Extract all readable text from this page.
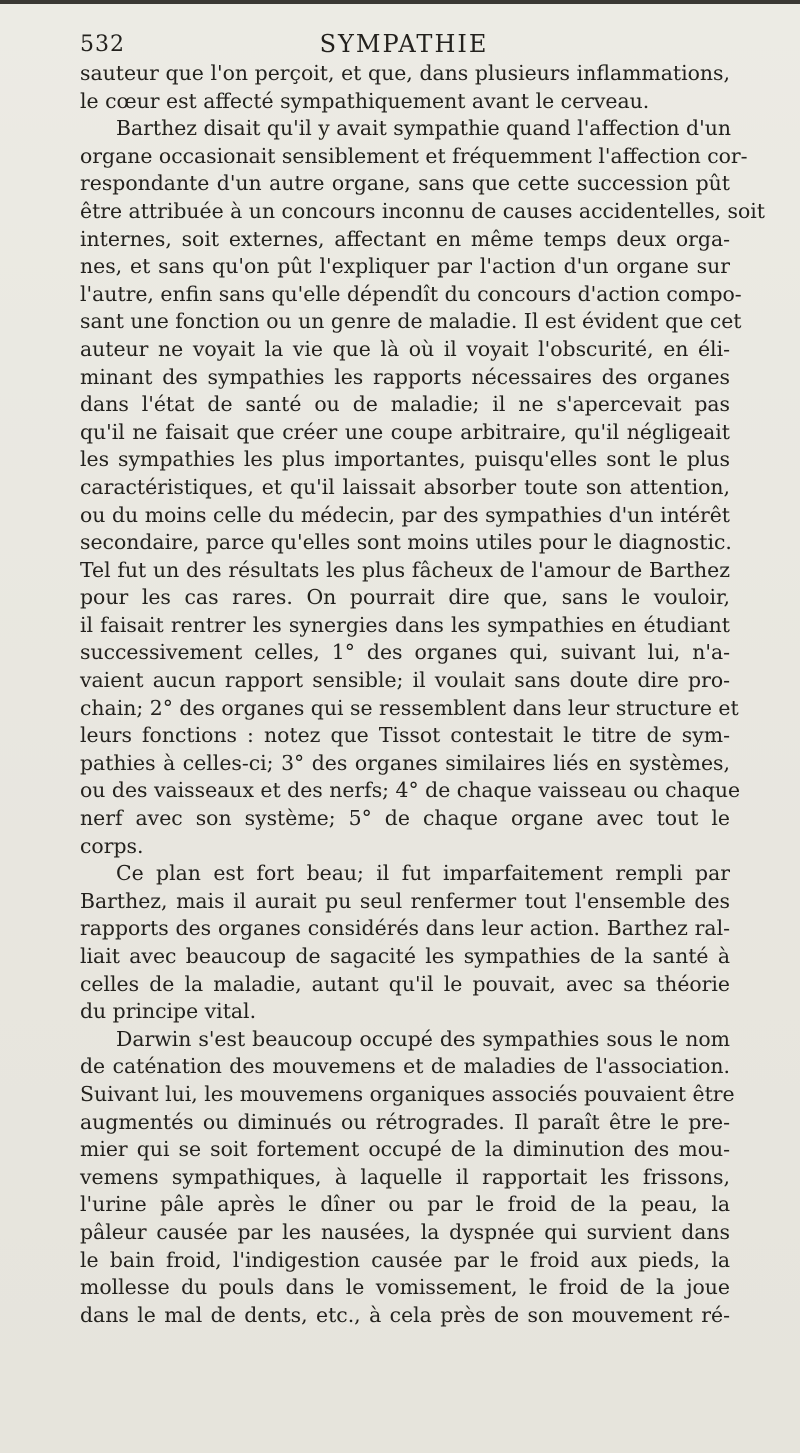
532	SYMPATHIE
sauteur que l'on perçoit, et que, dans plusieurs inflammations,
le cœur est affecté sympathiquement avant le cerveau.
Barthez disait qu'il y avait sympathie quand l'affection d'un
organe occasionait sensiblement et fréquemment l'affection cor-
respondante d'un autre organe, sans que cette succession pût
être attribuée à un concours inconnu de causes accidentelles, soit
internes, soit externes, affectant en même temps deux orga-
nes, et sans qu'on pût l'expliquer par l'action d'un organe sur
l'autre, enfin sans qu'elle dépendît du concours d'action compo-
sant une fonction ou un genre de maladie. Il est évident que cet
auteur ne voyait la vie que là où il voyait l'obscurité, en éli-
minant des sympathies les rapports nécessaires des organes
dans l'état de santé ou de maladie; il ne s'apercevait pas
qu'il ne faisait que créer une coupe arbitraire, qu'il négligeait
les sympathies les plus importantes, puisqu'elles sont le plus
caractéristiques, et qu'il laissait absorber toute son attention,
ou du moins celle du médecin, par des sympathies d'un intérêt
secondaire, parce qu'elles sont moins utiles pour le diagnostic.
Tel fut un des résultats les plus fâcheux de l'amour de Barthez
pour les cas rares. On pourrait dire que, sans le vouloir,
il faisait rentrer les synergies dans les sympathies en étudiant
successivement celles, 1° des organes qui, suivant lui, n'a-
vaient aucun rapport sensible; il voulait sans doute dire pro-
chain; 2° des organes qui se ressemblent dans leur structure et
leurs fonctions : notez que Tissot contestait le titre de sym-
pathies à celles-ci; 3° des organes similaires liés en systèmes,
ou des vaisseaux et des nerfs; 4° de chaque vaisseau ou chaque
nerf avec son système; 5° de chaque organe avec tout le
corps.
Ce plan est fort beau; il fut imparfaitement rempli par
Barthez, mais il aurait pu seul renfermer tout l'ensemble des
rapports des organes considérés dans leur action. Barthez ral-
liait avec beaucoup de sagacité les sympathies de la santé à
celles de la maladie, autant qu'il le pouvait, avec sa théorie
du principe vital.
Darwin s'est beaucoup occupé des sympathies sous le nom
de caténation des mouvemens et de maladies de l'association.
Suivant lui, les mouvemens organiques associés pouvaient être
augmentés ou diminués ou rétrogrades. Il paraît être le pre-
mier qui se soit fortement occupé de la diminution des mou-
vemens sympathiques, à laquelle il rapportait les frissons,
l'urine pâle après le dîner ou par le froid de la peau, la
pâleur causée par les nausées, la dyspnée qui survient dans
le bain froid, l'indigestion causée par le froid aux pieds, la
mollesse du pouls dans le vomissement, le froid de la joue
dans le mal de dents, etc., à cela près de son mouvement ré-
